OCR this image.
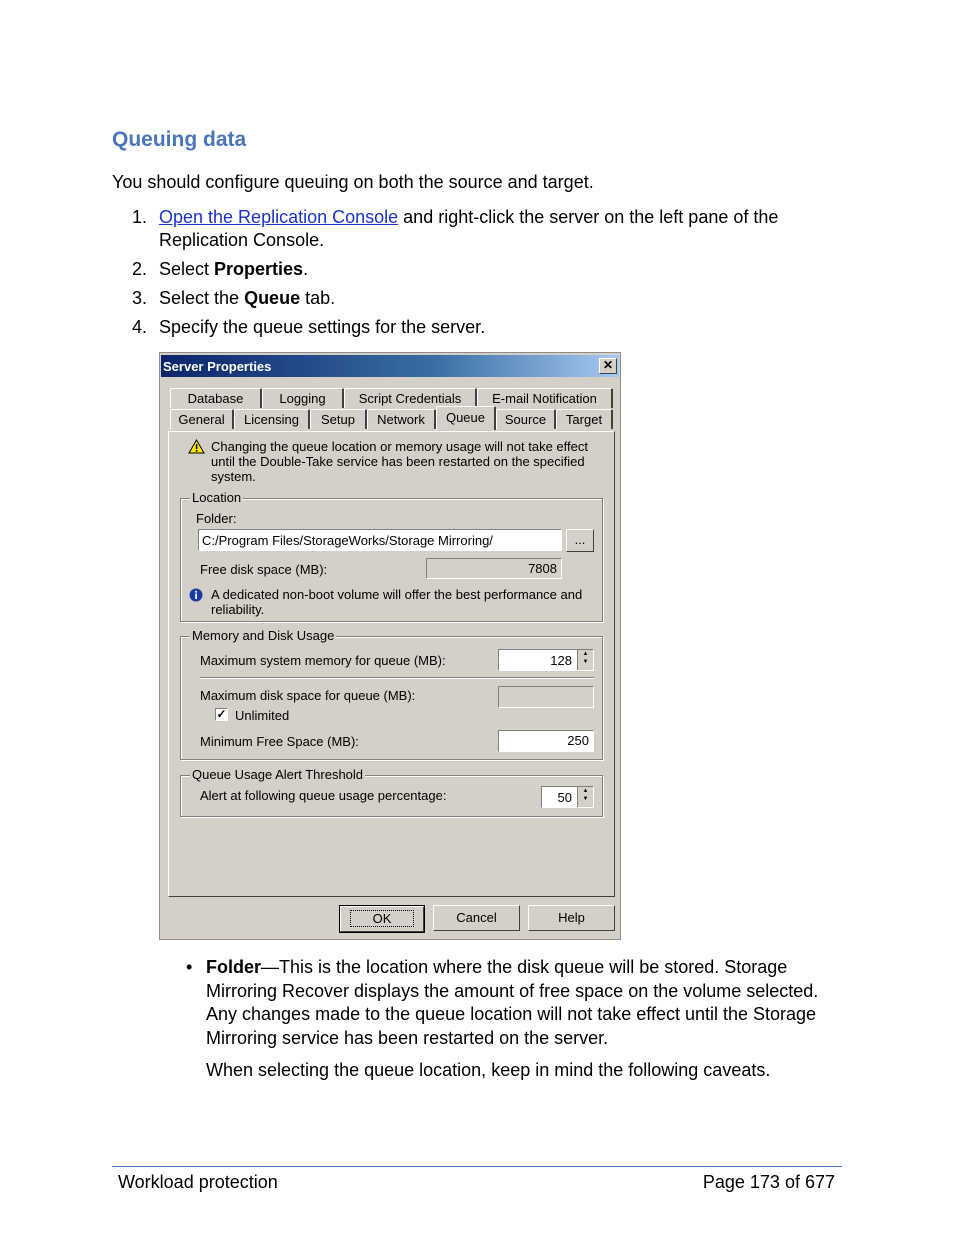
Queuing data
You should configure queuing on both the source and target.
1. Open the Replication Console and right-click the server on the left pane of the Replication Console.
2. Select Properties.
3. Select the Queue tab.
4. Specify the queue settings for the server.
Server Properties	✕
Database	Logging	Script Credentials	E-mail Notification
General	Licensing	Setup	Network	Queue	Source	Target
Changing the queue location or memory usage will not take effect until the Double-Take service has been restarted on the specified system.
Location
Folder:
C:/Program Files/StorageWorks/Storage Mirroring/	...
Free disk space (MB):	7808
A dedicated non-boot volume will offer the best performance and reliability.
Memory and Disk Usage
Maximum system memory for queue (MB):	128	▲
▼
Maximum disk space for queue (MB):
✓ Unlimited
Minimum Free Space (MB):	250
Queue Usage Alert Threshold
Alert at following queue usage percentage:	50	▲
▼
OK	Cancel	Help
• Folder—This is the location where the disk queue will be stored. Storage Mirroring Recover displays the amount of free space on the volume selected. Any changes made to the queue location will not take effect until the Storage Mirroring service has been restarted on the server.
When selecting the queue location, keep in mind the following caveats.
Workload protection	Page 173 of 677
